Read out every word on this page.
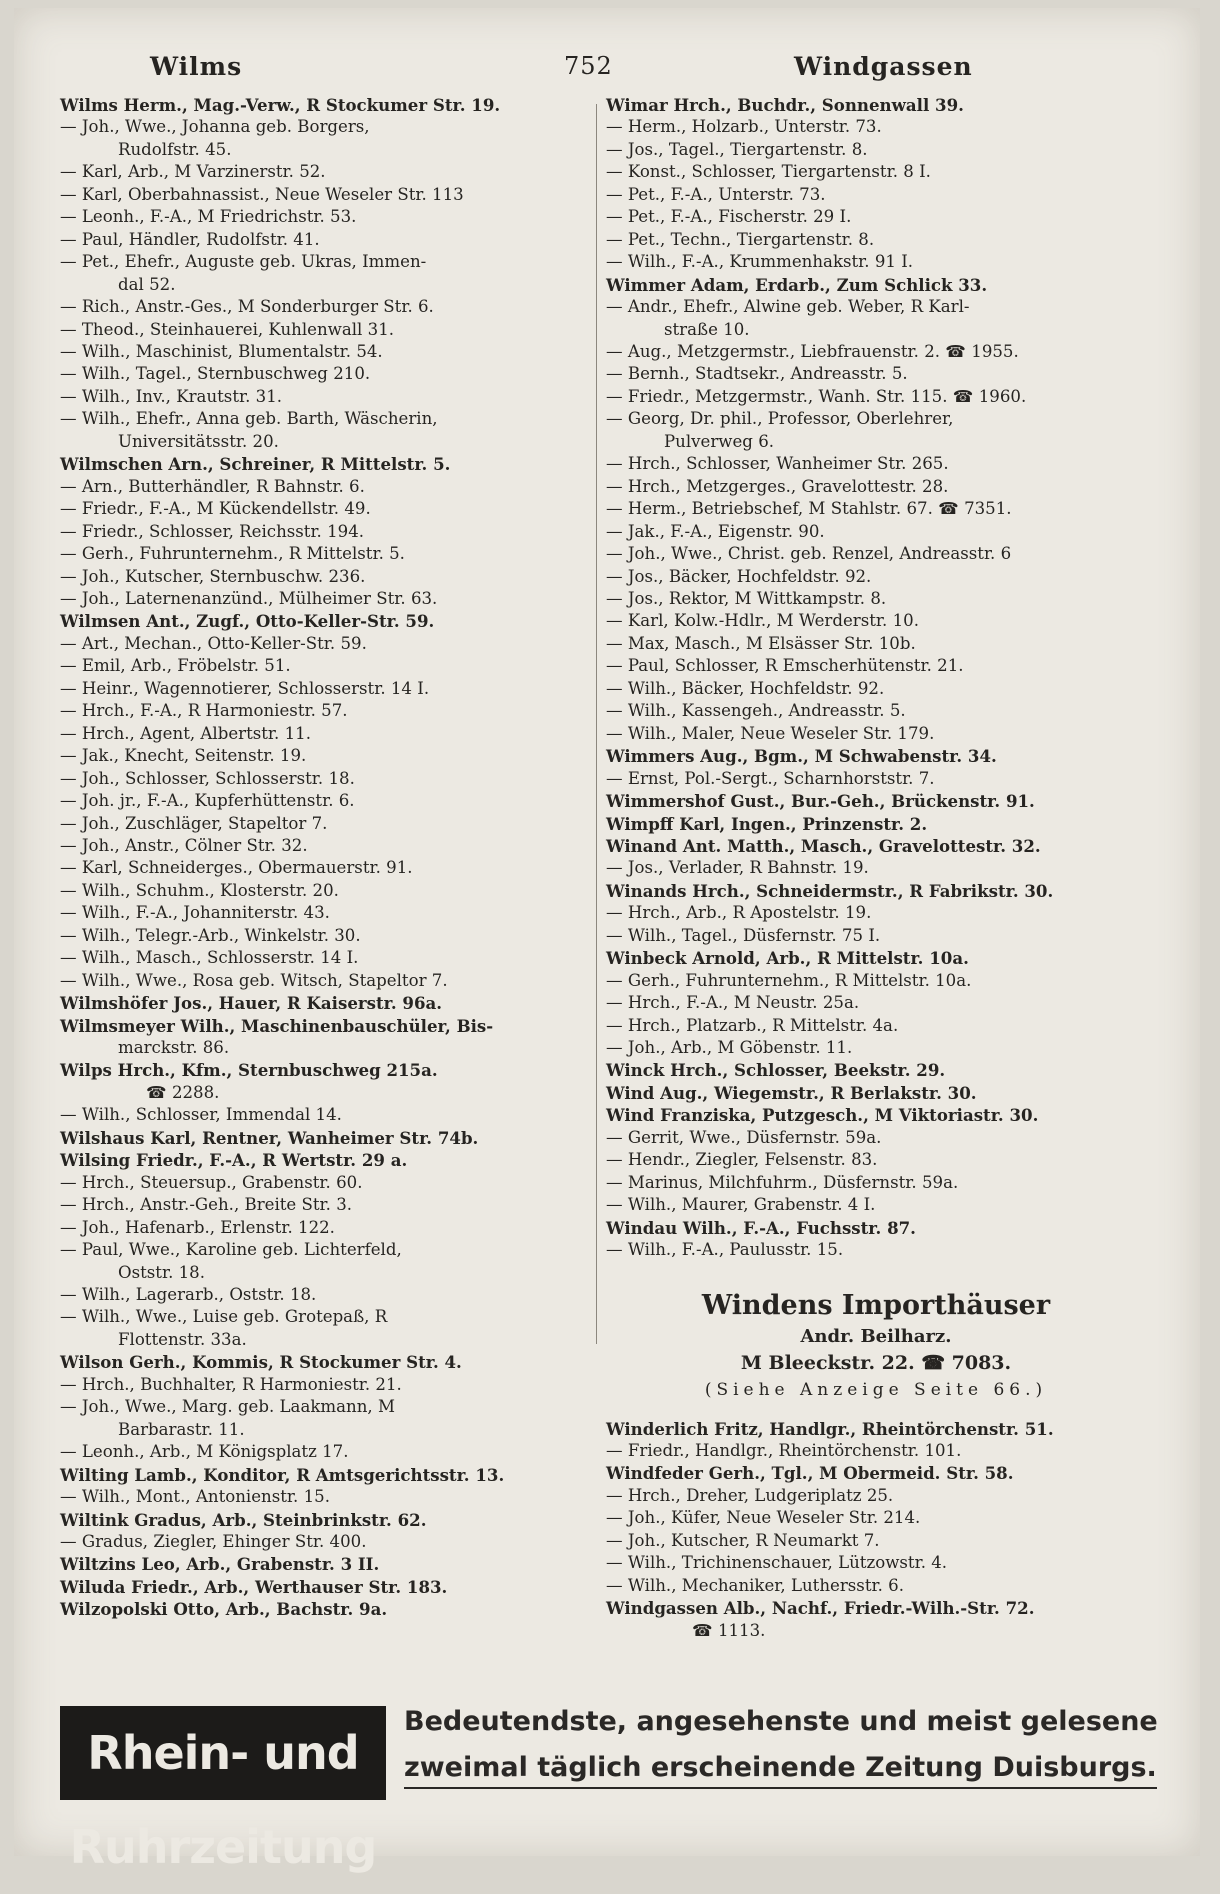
Wilms	752	Windgassen
Wilms Herm., Mag.-Verw., R Stockumer Str. 19.
— Joh., Wwe., Johanna geb. Borgers,
Rudolfstr. 45.
— Karl, Arb., M Varzinerstr. 52.
— Karl, Oberbahnassist., Neue Weseler Str. 113
— Leonh., F.-A., M Friedrichstr. 53.
— Paul, Händler, Rudolfstr. 41.
— Pet., Ehefr., Auguste geb. Ukras, Immen-
dal 52.
— Rich., Anstr.-Ges., M Sonderburger Str. 6.
— Theod., Steinhauerei, Kuhlenwall 31.
— Wilh., Maschinist, Blumentalstr. 54.
— Wilh., Tagel., Sternbuschweg 210.
— Wilh., Inv., Krautstr. 31.
— Wilh., Ehefr., Anna geb. Barth, Wäscherin,
Universitätsstr. 20.
Wilmschen Arn., Schreiner, R Mittelstr. 5.
— Arn., Butterhändler, R Bahnstr. 6.
— Friedr., F.-A., M Kückendellstr. 49.
— Friedr., Schlosser, Reichsstr. 194.
— Gerh., Fuhrunternehm., R Mittelstr. 5.
— Joh., Kutscher, Sternbuschw. 236.
— Joh., Laternenanzünd., Mülheimer Str. 63.
Wilmsen Ant., Zugf., Otto-Keller-Str. 59.
— Art., Mechan., Otto-Keller-Str. 59.
— Emil, Arb., Fröbelstr. 51.
— Heinr., Wagennotierer, Schlosserstr. 14 I.
— Hrch., F.-A., R Harmoniestr. 57.
— Hrch., Agent, Albertstr. 11.
— Jak., Knecht, Seitenstr. 19.
— Joh., Schlosser, Schlosserstr. 18.
— Joh. jr., F.-A., Kupferhüttenstr. 6.
— Joh., Zuschläger, Stapeltor 7.
— Joh., Anstr., Cölner Str. 32.
— Karl, Schneiderges., Obermauerstr. 91.
— Wilh., Schuhm., Klosterstr. 20.
— Wilh., F.-A., Johanniterstr. 43.
— Wilh., Telegr.-Arb., Winkelstr. 30.
— Wilh., Masch., Schlosserstr. 14 I.
— Wilh., Wwe., Rosa geb. Witsch, Stapeltor 7.
Wilmshöfer Jos., Hauer, R Kaiserstr. 96a.
Wilmsmeyer Wilh., Maschinenbauschüler, Bis-
marckstr. 86.
Wilps Hrch., Kfm., Sternbuschweg 215a.
☎ 2288.
— Wilh., Schlosser, Immendal 14.
Wilshaus Karl, Rentner, Wanheimer Str. 74b.
Wilsing Friedr., F.-A., R Wertstr. 29 a.
— Hrch., Steuersup., Grabenstr. 60.
— Hrch., Anstr.-Geh., Breite Str. 3.
— Joh., Hafenarb., Erlenstr. 122.
— Paul, Wwe., Karoline geb. Lichterfeld,
Oststr. 18.
— Wilh., Lagerarb., Oststr. 18.
— Wilh., Wwe., Luise geb. Grotepaß, R
Flottenstr. 33a.
Wilson Gerh., Kommis, R Stockumer Str. 4.
— Hrch., Buchhalter, R Harmoniestr. 21.
— Joh., Wwe., Marg. geb. Laakmann, M
Barbarastr. 11.
— Leonh., Arb., M Königsplatz 17.
Wilting Lamb., Konditor, R Amtsgerichtsstr. 13.
— Wilh., Mont., Antonienstr. 15.
Wiltink Gradus, Arb., Steinbrinkstr. 62.
— Gradus, Ziegler, Ehinger Str. 400.
Wiltzins Leo, Arb., Grabenstr. 3 II.
Wiluda Friedr., Arb., Werthauser Str. 183.
Wilzopolski Otto, Arb., Bachstr. 9a.
Wimar Hrch., Buchdr., Sonnenwall 39.
— Herm., Holzarb., Unterstr. 73.
— Jos., Tagel., Tiergartenstr. 8.
— Konst., Schlosser, Tiergartenstr. 8 I.
— Pet., F.-A., Unterstr. 73.
— Pet., F.-A., Fischerstr. 29 I.
— Pet., Techn., Tiergartenstr. 8.
— Wilh., F.-A., Krummenhakstr. 91 I.
Wimmer Adam, Erdarb., Zum Schlick 33.
— Andr., Ehefr., Alwine geb. Weber, R Karl-
straße 10.
— Aug., Metzgermstr., Liebfrauenstr. 2. ☎ 1955.
— Bernh., Stadtsekr., Andreasstr. 5.
— Friedr., Metzgermstr., Wanh. Str. 115. ☎ 1960.
— Georg, Dr. phil., Professor, Oberlehrer,
Pulverweg 6.
— Hrch., Schlosser, Wanheimer Str. 265.
— Hrch., Metzgerges., Gravelottestr. 28.
— Herm., Betriebschef, M Stahlstr. 67. ☎ 7351.
— Jak., F.-A., Eigenstr. 90.
— Joh., Wwe., Christ. geb. Renzel, Andreasstr. 6
— Jos., Bäcker, Hochfeldstr. 92.
— Jos., Rektor, M Wittkampstr. 8.
— Karl, Kolw.-Hdlr., M Werderstr. 10.
— Max, Masch., M Elsässer Str. 10b.
— Paul, Schlosser, R Emscherhütenstr. 21.
— Wilh., Bäcker, Hochfeldstr. 92.
— Wilh., Kassengeh., Andreasstr. 5.
— Wilh., Maler, Neue Weseler Str. 179.
Wimmers Aug., Bgm., M Schwabenstr. 34.
— Ernst, Pol.-Sergt., Scharnhorststr. 7.
Wimmershof Gust., Bur.-Geh., Brückenstr. 91.
Wimpff Karl, Ingen., Prinzenstr. 2.
Winand Ant. Matth., Masch., Gravelottestr. 32.
— Jos., Verlader, R Bahnstr. 19.
Winands Hrch., Schneidermstr., R Fabrikstr. 30.
— Hrch., Arb., R Apostelstr. 19.
— Wilh., Tagel., Düsfernstr. 75 I.
Winbeck Arnold, Arb., R Mittelstr. 10a.
— Gerh., Fuhrunternehm., R Mittelstr. 10a.
— Hrch., F.-A., M Neustr. 25a.
— Hrch., Platzarb., R Mittelstr. 4a.
— Joh., Arb., M Göbenstr. 11.
Winck Hrch., Schlosser, Beekstr. 29.
Wind Aug., Wiegemstr., R Berlakstr. 30.
Wind Franziska, Putzgesch., M Viktoriastr. 30.
— Gerrit, Wwe., Düsfernstr. 59a.
— Hendr., Ziegler, Felsenstr. 83.
— Marinus, Milchfuhrm., Düsfernstr. 59a.
— Wilh., Maurer, Grabenstr. 4 I.
Windau Wilh., F.-A., Fuchsstr. 87.
— Wilh., F.-A., Paulusstr. 15.
Windens Importhäuser
Andr. Beilharz.
M Bleeckstr. 22. ☎ 7083.
(Siehe Anzeige Seite 66.)
Winderlich Fritz, Handlgr., Rheintörchenstr. 51.
— Friedr., Handlgr., Rheintörchenstr. 101.
Windfeder Gerh., Tgl., M Obermeid. Str. 58.
— Hrch., Dreher, Ludgeriplatz 25.
— Joh., Küfer, Neue Weseler Str. 214.
— Joh., Kutscher, R Neumarkt 7.
— Wilh., Trichinenschauer, Lützowstr. 4.
— Wilh., Mechaniker, Luthersstr. 6.
Windgassen Alb., Nachf., Friedr.-Wilh.-Str. 72.
☎ 1113.
Rhein- und Ruhrzeitung
Bedeutendste, angesehenste und meist gelesene
zweimal täglich erscheinende Zeitung Duisburgs.
